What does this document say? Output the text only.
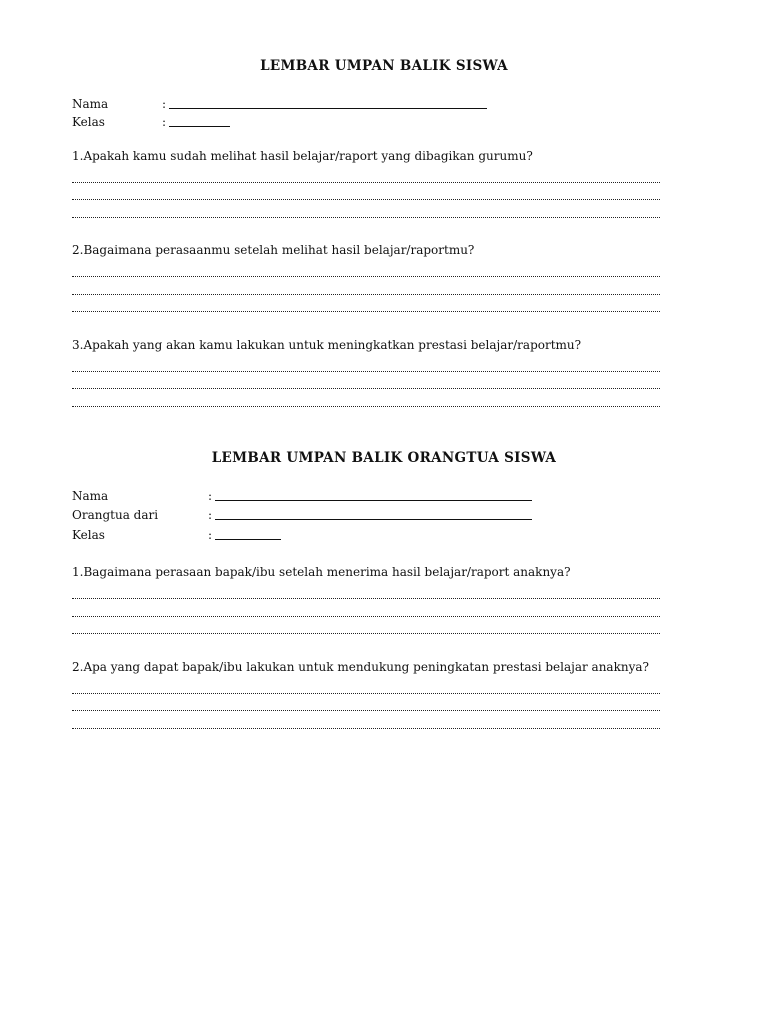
LEMBAR UMPAN BALIK SISWA
Nama	:
Kelas	:
1.Apakah kamu sudah melihat hasil belajar/raport yang dibagikan gurumu?
2.Bagaimana perasaanmu setelah melihat hasil belajar/raportmu?
3.Apakah yang akan kamu lakukan untuk meningkatkan prestasi belajar/raportmu?
LEMBAR UMPAN BALIK ORANGTUA SISWA
Nama	:
Orangtua dari	:
Kelas	:
1.Bagaimana perasaan bapak/ibu setelah menerima hasil belajar/raport anaknya?
2.Apa yang dapat bapak/ibu lakukan untuk mendukung peningkatan prestasi belajar anaknya?
